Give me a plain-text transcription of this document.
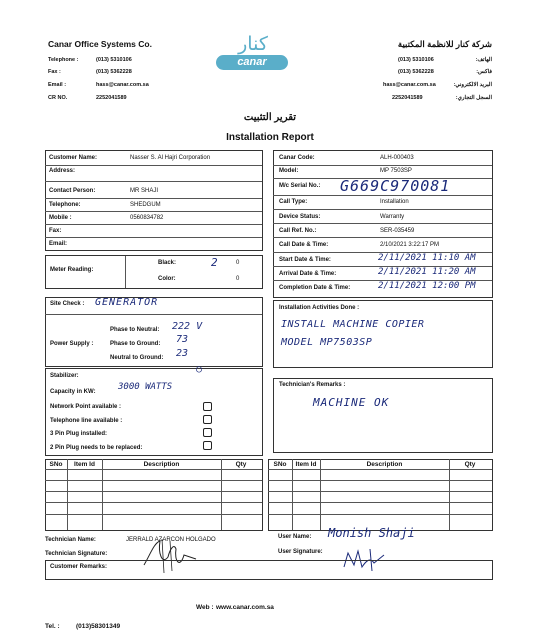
Canar Office Systems Co.	شركة كنار للانظمة المكتبية
Telephone :	(013) 5310106
Fax :	(013) 5362228
Email :	hass@canar.com.sa
CR NO.	2252041589
(013) 5310106	الهاتف:
(013) 5362228	فاكس:
hass@canar.com.sa	البريد الالكتروني:
2252041589	السجل التجاري:
كنار
canar
تقرير التثبيت
Installation Report
Customer Name:	Nasser S. Al Hajri Corporation
Address:
Contact Person:	MR SHAJI
Telephone:	SHEDGUM
Mobile :	0560834782
Fax:
Email:
Canar Code:	ALH-000403
Model:	MP 7503SP
M/c Serial No.: G669C970081
Call Type:	Installation
Device Status:	Warranty
Call Ref. No.:	SER-035459
Call Date & Time:	2/10/2021 3:22:17 PM
Start Date & Time:	2/11/2021 11:10 AM
Arrival Date & Time:	2/11/2021 11:20 AM
Completion Date & Time:	2/11/2021 12:00 PM
Meter Reading:
Black:	2	0
Color:	0
Site Check : GENERATOR
Power Supply :
Phase to Neutral: 222 V
Phase to Ground: 73
Neutral to Ground: 23
Installation Activities Done :
INSTALL MACHINE COPIER
MODEL MP7503SP
Stabilizer:
○
Capacity in KW: 3000 WATTS
Network Point available :
Telephone line available :
3 Pin Plug installed:
2 Pin Plug needs to be replaced:
Technician's Remarks :
MACHINE OK
SNo	Item Id	Description	Qty	SNo	Item Id	Description	Qty
Technician Name:	JERRALD AZARCON HOLGADO
Technician Signature:
User Name: Monish Shaji
User Signature:
Customer Remarks:
Web : www.canar.com.sa
Tel. :	(013)58301349
